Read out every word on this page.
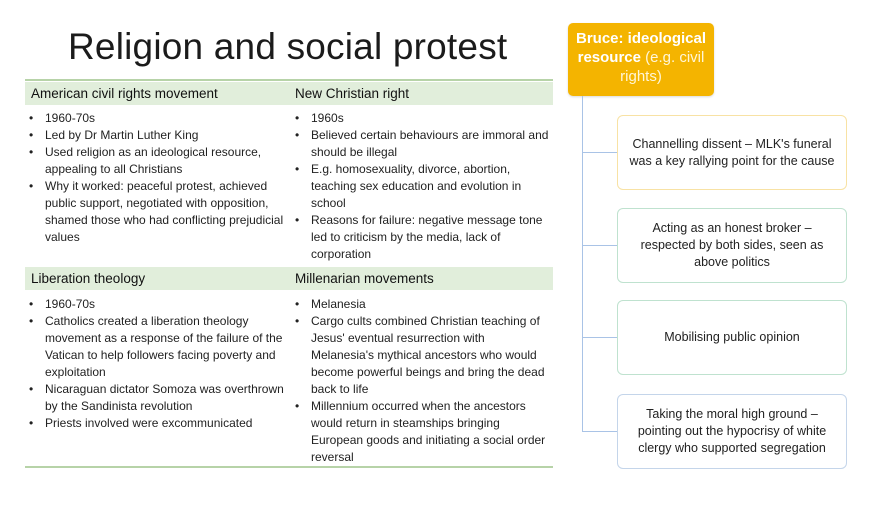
Religion and social protest
American civil rights movement	New Christian right
Liberation theology	Millenarian movements
• 1960-70s
• Led by Dr Martin Luther King
• Used religion as an ideological resource, appealing to all Christians
• Why it worked: peaceful protest, achieved public support, negotiated with opposition, shamed those who had conflicting prejudicial values
• 1960s
• Believed certain behaviours are immoral and should be illegal
• E.g. homosexuality, divorce, abortion, teaching sex education and evolution in school
• Reasons for failure: negative message tone led to criticism by the media, lack of corporation
• 1960-70s
• Catholics created a liberation theology movement as a response of the failure of the Vatican to help followers facing poverty and exploitation
• Nicaraguan dictator Somoza was overthrown by the Sandinista revolution
• Priests involved were excommunicated
• Melanesia
• Cargo cults combined Christian teaching of Jesus' eventual resurrection with Melanesia's mythical ancestors who would become powerful beings and bring the dead back to life
• Millennium occurred when the ancestors would return in steamships bringing European goods and initiating a social order reversal
Bruce: ideological resource (e.g. civil rights)
Channelling dissent – MLK's funeral was a key rallying point for the cause
Acting as an honest broker – respected by both sides, seen as above politics
Mobilising public opinion
Taking the moral high ground – pointing out the hypocrisy of white clergy who supported segregation
